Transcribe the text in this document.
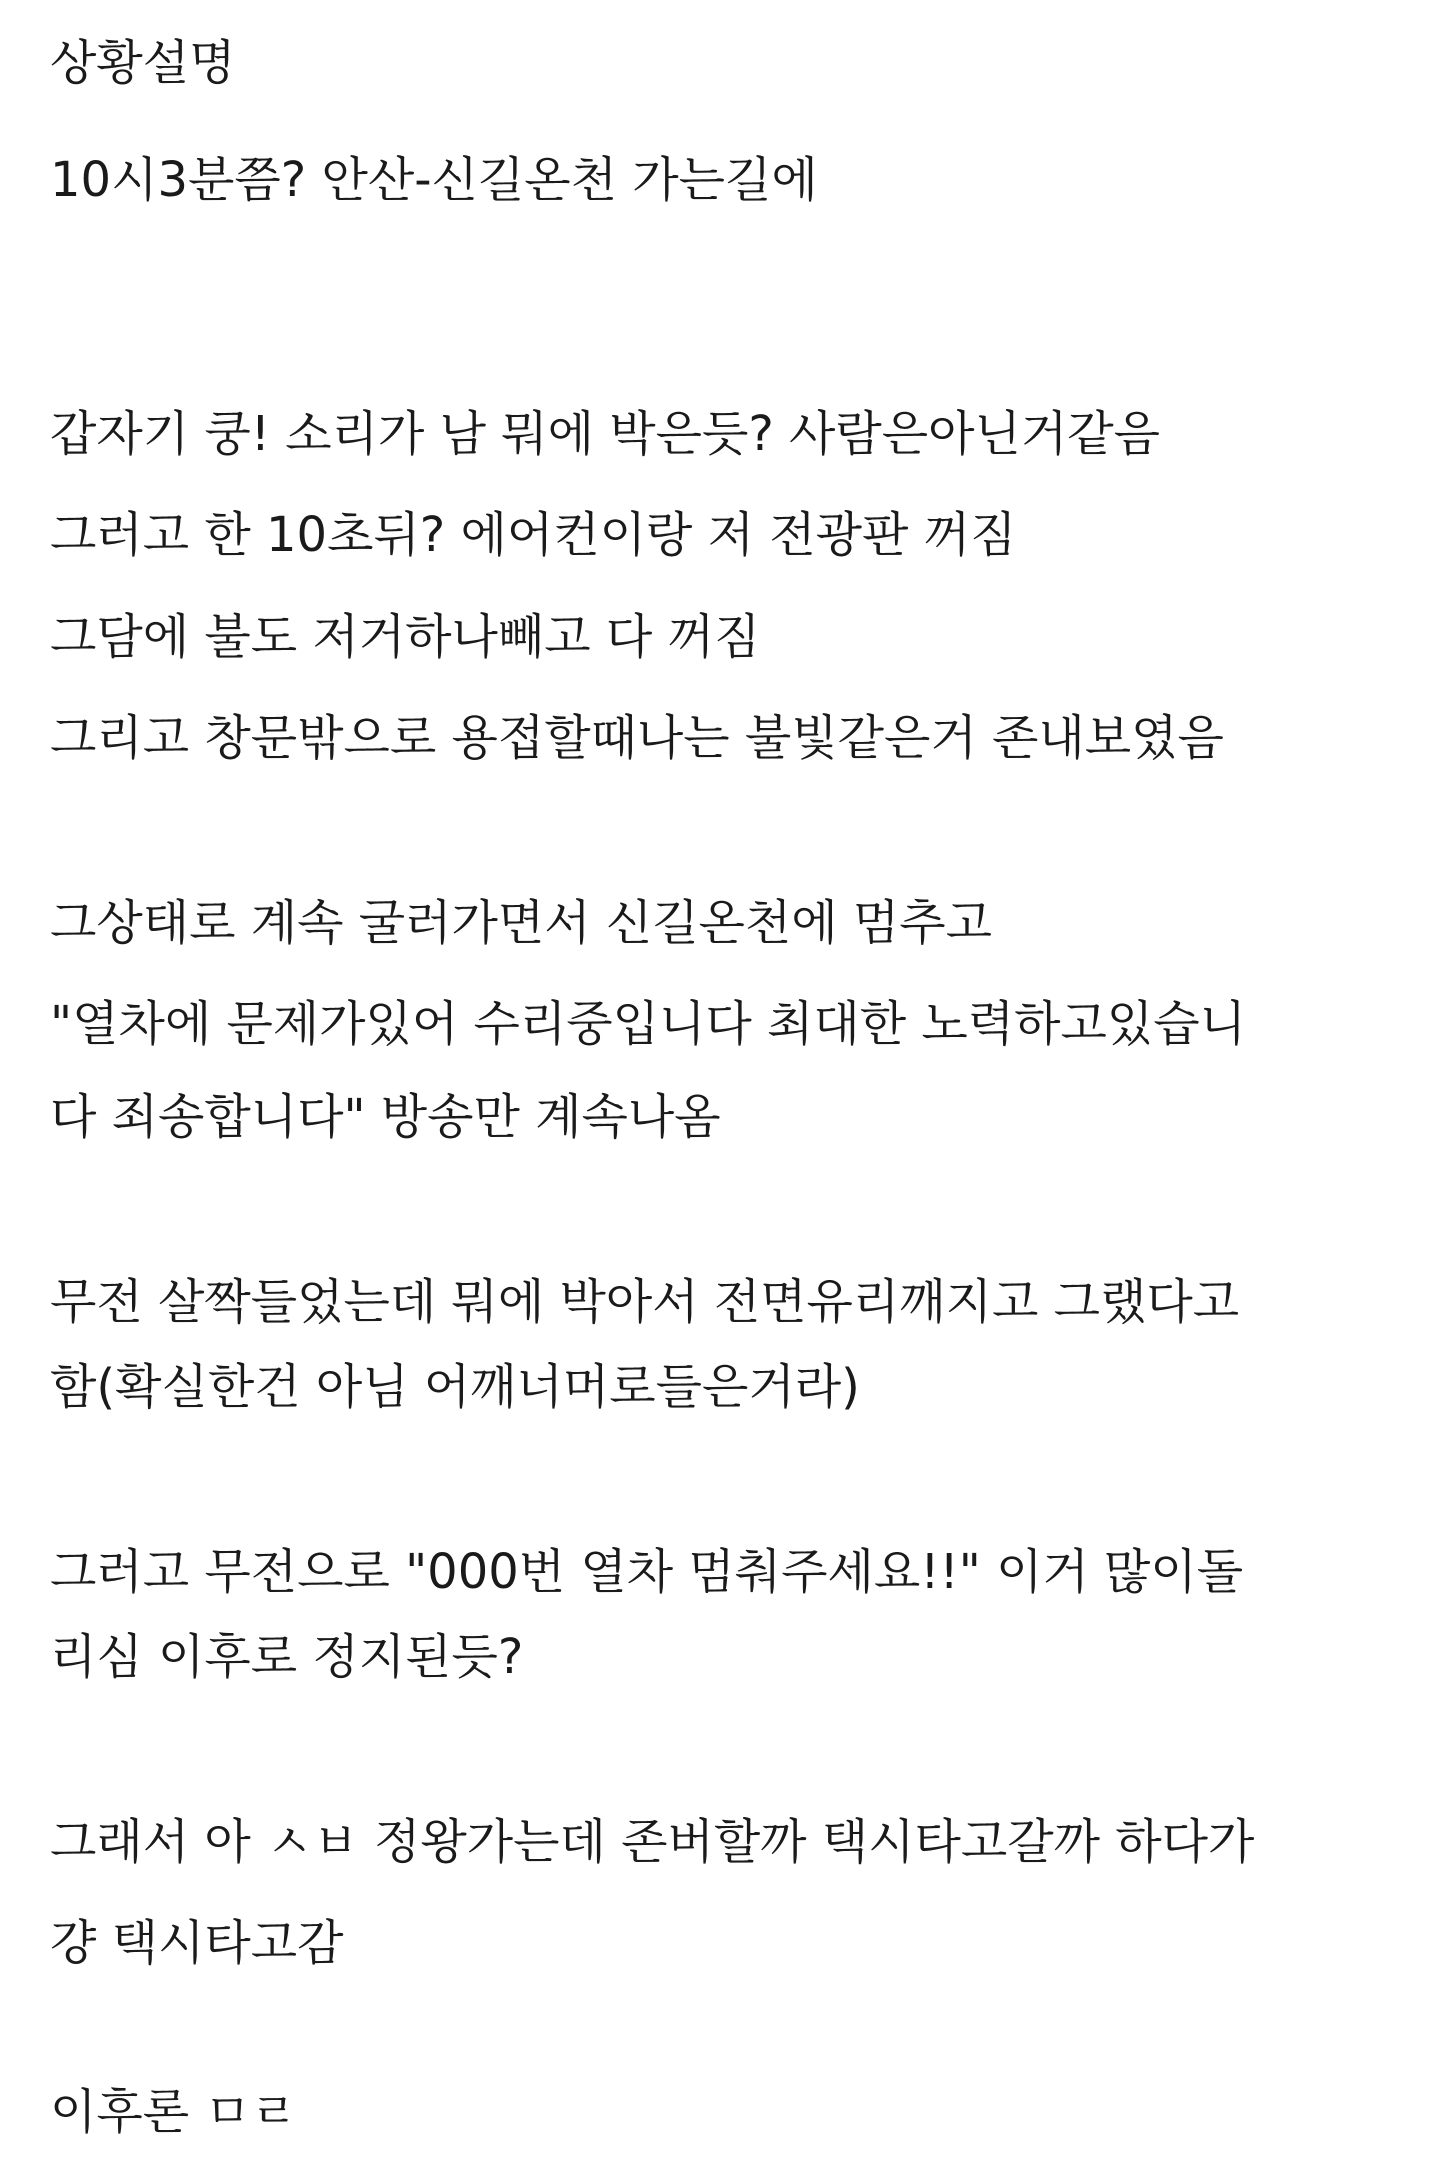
상황설명
10시3분쯤? 안산-신길온천 가는길에
갑자기 쿵! 소리가 남 뭐에 박은듯? 사람은아닌거같음
그러고 한 10초뒤? 에어컨이랑 저 전광판 꺼짐
그담에 불도 저거하나빼고 다 꺼짐
그리고 창문밖으로 용접할때나는 불빛같은거 존내보였음
그상태로 계속 굴러가면서 신길온천에 멈추고
"열차에 문제가있어 수리중입니다 최대한 노력하고있습니
다 죄송합니다" 방송만 계속나옴
무전 살짝들었는데 뭐에 박아서 전면유리깨지고 그랬다고
함(확실한건 아님 어깨너머로들은거라)
그러고 무전으로 "000번 열차 멈춰주세요!!" 이거 많이돌
리심 이후로 정지된듯?
그래서 아 ㅅㅂ 정왕가는데 존버할까 택시타고갈까 하다가
걍 택시타고감
이후론 ㅁㄹ
